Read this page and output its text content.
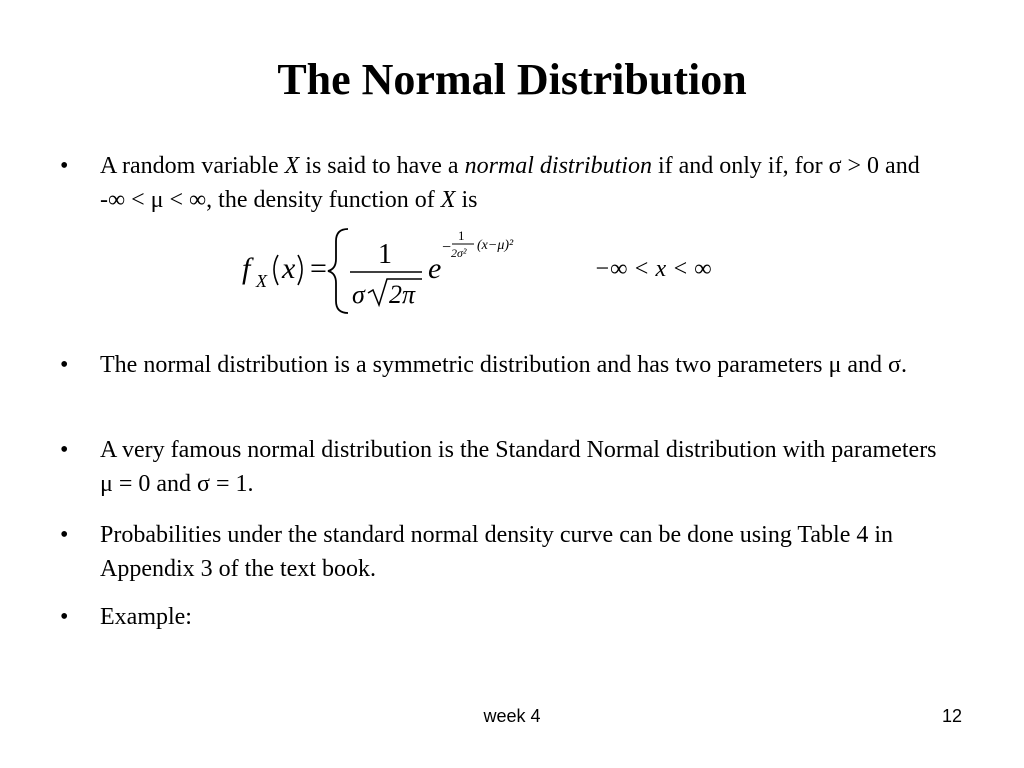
The Normal Distribution
• A random variable X is said to have a normal distribution if and only if, for σ > 0 and -∞ < μ < ∞, the density function of X is
f X x = 1
σ 2π
e
−
1
2σ² (x−μ)²
−∞ < x < ∞
• The normal distribution is a symmetric distribution and has two parameters μ and σ.
• A very famous normal distribution is the Standard Normal distribution with parameters μ = 0 and σ = 1.
• Probabilities under the standard normal density curve can be done using Table 4 in Appendix 3 of the text book.
• Example:
week 4	12
